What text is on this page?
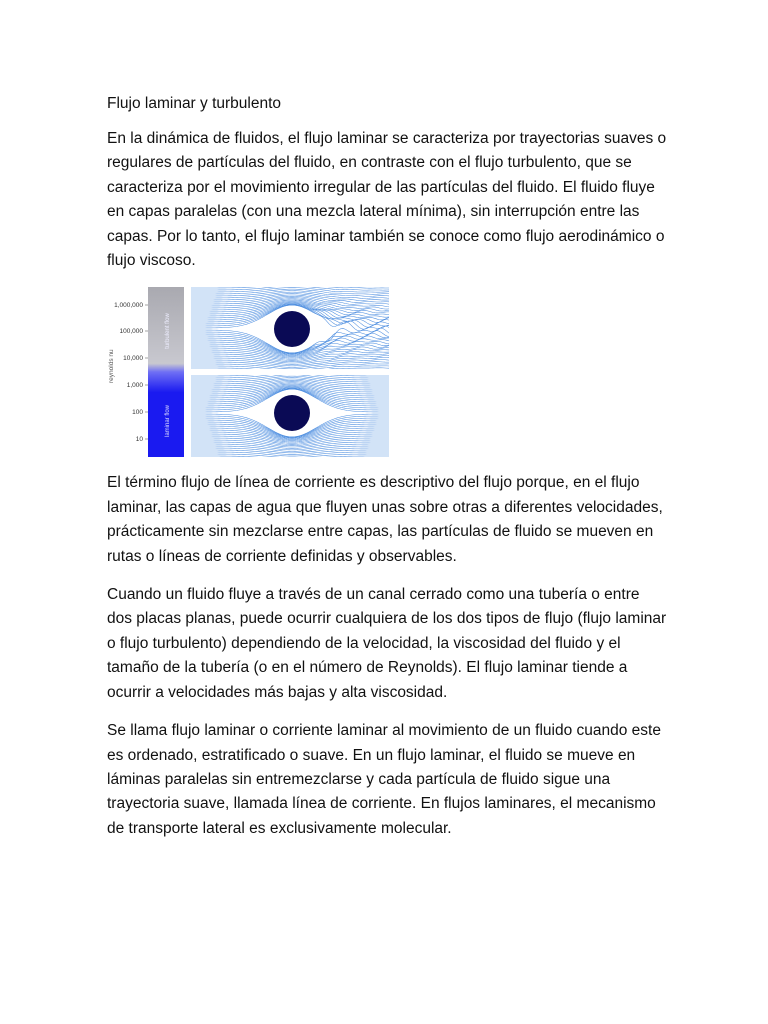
Flujo laminar y turbulento

En la dinámica de fluidos, el flujo laminar se caracteriza por trayectorias suaves o regulares de partículas del fluido, en contraste con el flujo turbulento, que se caracteriza por el movimiento irregular de las partículas del fluido. El fluido fluye en capas paralelas (con una mezcla lateral mínima), sin interrupción entre las capas. Por lo tanto, el flujo laminar también se conoce como flujo aerodinámico o flujo viscoso.

reynolds nu
1,000,000
100,000
10,000
1,000
100
10
turbulent flow
laminar flow

El término flujo de línea de corriente es descriptivo del flujo porque, en el flujo laminar, las capas de agua que fluyen unas sobre otras a diferentes velocidades, prácticamente sin mezclarse entre capas, las partículas de fluido se mueven en rutas o líneas de corriente definidas y observables.

Cuando un fluido fluye a través de un canal cerrado como una tubería o entre dos placas planas, puede ocurrir cualquiera de los dos tipos de flujo (flujo laminar o flujo turbulento) dependiendo de la velocidad, la viscosidad del fluido y el tamaño de la tubería (o en el número de Reynolds). El flujo laminar tiende a ocurrir a velocidades más bajas y alta viscosidad.

Se llama flujo laminar o corriente laminar al movimiento de un fluido cuando este es ordenado, estratificado o suave. En un flujo laminar, el fluido se mueve en láminas paralelas sin entremezclarse y cada partícula de fluido sigue una trayectoria suave, llamada línea de corriente. En flujos laminares, el mecanismo de transporte lateral es exclusivamente molecular.
